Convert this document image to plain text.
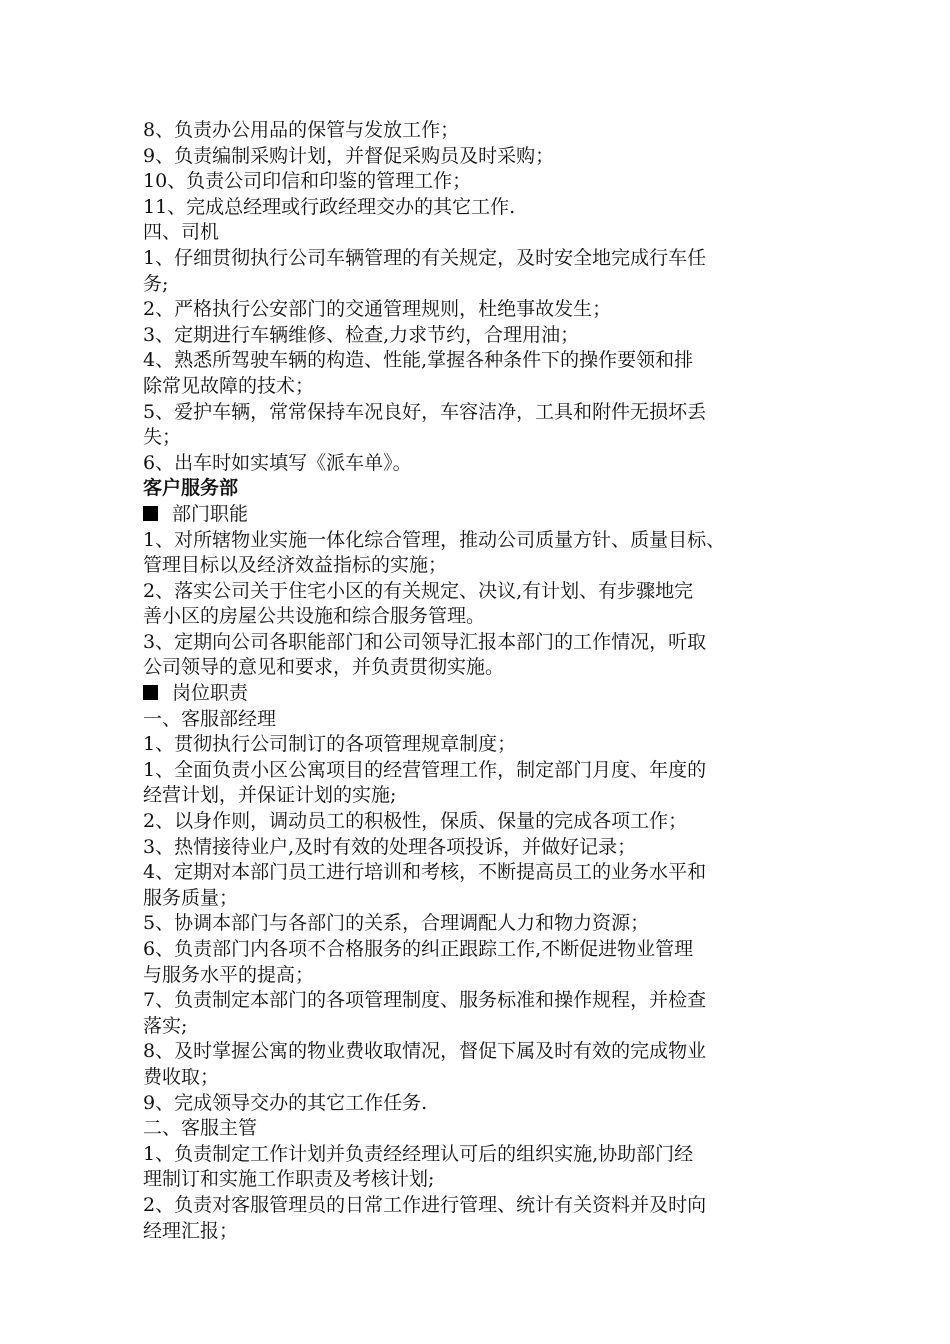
8、负责办公用品的保管与发放工作；
9、负责编制采购计划，并督促采购员及时采购；
10、负责公司印信和印鉴的管理工作；
11、完成总经理或行政经理交办的其它工作.
四、司机
1、仔细贯彻执行公司车辆管理的有关规定，及时安全地完成行车任
务;
2、严格执行公安部门的交通管理规则，杜绝事故发生；
3、定期进行车辆维修、检查,力求节约，合理用油；
4、熟悉所驾驶车辆的构造、性能,掌握各种条件下的操作要领和排
除常见故障的技术；
5、爱护车辆，常常保持车况良好，车容洁净，工具和附件无损坏丢
失；
6、出车时如实填写《派车单》。
客户服务部
部门职能
1、对所辖物业实施一体化综合管理，推动公司质量方针、质量目标、
管理目标以及经济效益指标的实施；
2、落实公司关于住宅小区的有关规定、决议,有计划、有步骤地完
善小区的房屋公共设施和综合服务管理。
3、定期向公司各职能部门和公司领导汇报本部门的工作情况，听取
公司领导的意见和要求，并负责贯彻实施。
岗位职责
一、客服部经理
1、贯彻执行公司制订的各项管理规章制度；
1、全面负责小区公寓项目的经营管理工作，制定部门月度、年度的
经营计划，并保证计划的实施;
2、以身作则，调动员工的积极性，保质、保量的完成各项工作；
3、热情接待业户,及时有效的处理各项投诉，并做好记录；
4、定期对本部门员工进行培训和考核，不断提高员工的业务水平和
服务质量；
5、协调本部门与各部门的关系，合理调配人力和物力资源；
6、负责部门内各项不合格服务的纠正跟踪工作,不断促进物业管理
与服务水平的提高；
7、负责制定本部门的各项管理制度、服务标准和操作规程，并检查
落实;
8、及时掌握公寓的物业费收取情况，督促下属及时有效的完成物业
费收取；
9、完成领导交办的其它工作任务.
二、客服主管
1、负责制定工作计划并负责经经理认可后的组织实施,协助部门经
理制订和实施工作职责及考核计划;
2、负责对客服管理员的日常工作进行管理、统计有关资料并及时向
经理汇报；
